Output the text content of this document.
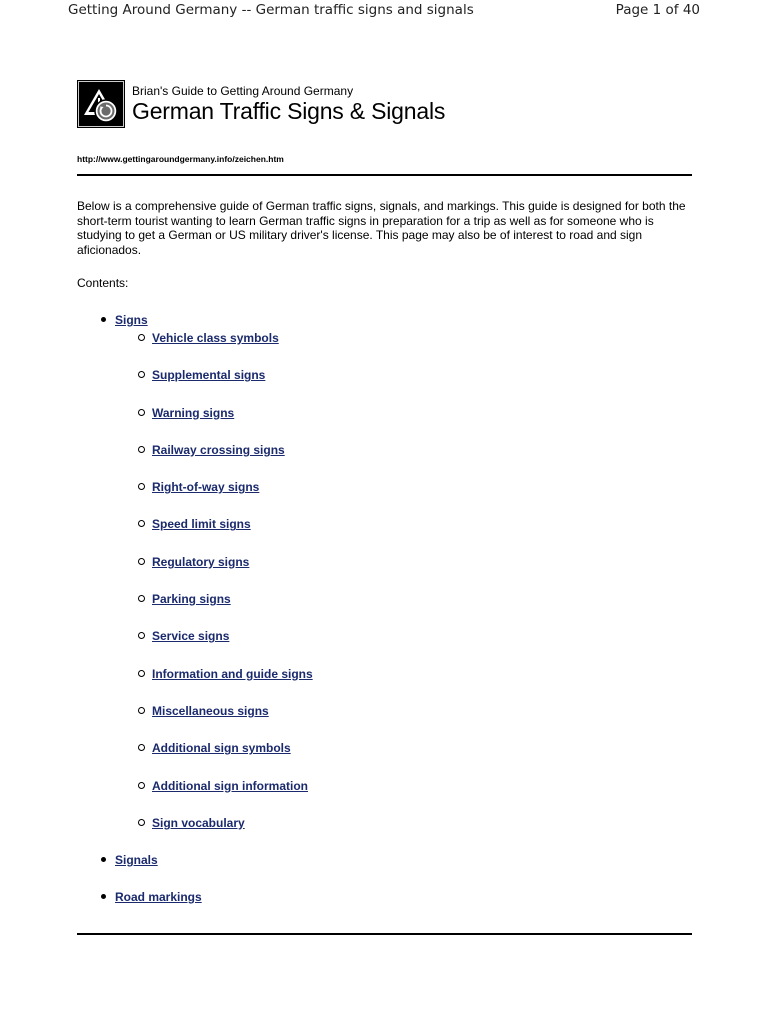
Getting Around Germany -- German traffic signs and signals	Page 1 of 40
Brian's Guide to Getting Around Germany
German Traffic Signs & Signals
http://www.gettingaroundgermany.info/zeichen.htm

Below is a comprehensive guide of German traffic signs, signals, and markings. This guide is designed for both the short-term tourist wanting to learn German traffic signs in preparation for a trip as well as for someone who is studying to get a German or US military driver's license. This page may also be of interest to road and sign aficionados.

Contents:

Signs
Vehicle class symbols
Supplemental signs
Warning signs
Railway crossing signs
Right-of-way signs
Speed limit signs
Regulatory signs
Parking signs
Service signs
Information and guide signs
Miscellaneous signs
Additional sign symbols
Additional sign information
Sign vocabulary
Signals
Road markings
